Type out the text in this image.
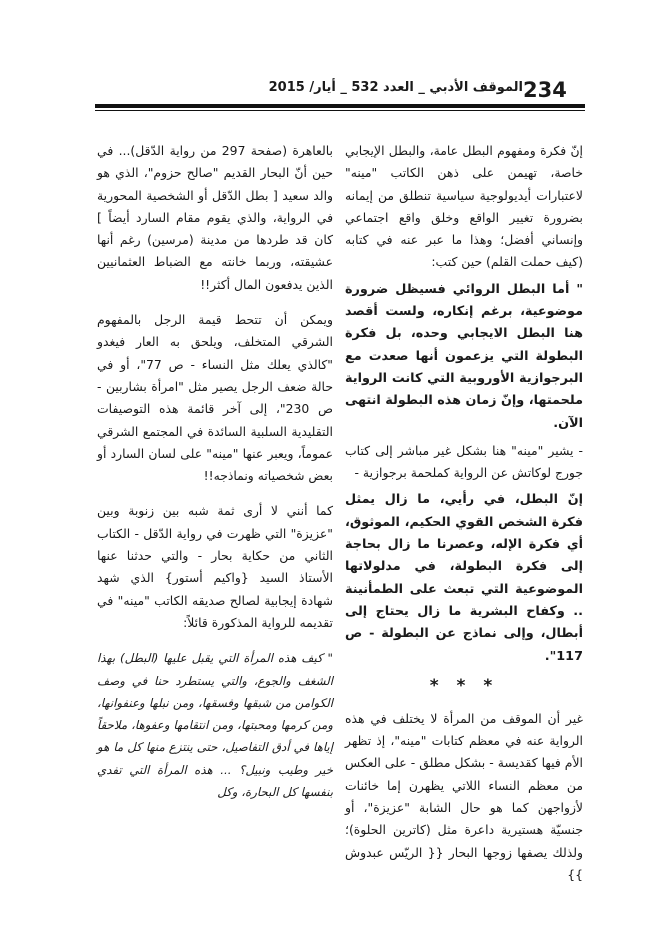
234
الموقف الأدبي _ العدد 532 _ أيار/ 2015

إنّ فكرة ومفهوم البطل عامة، والبطل الإيجابي خاصة، تهيمن على ذهن الكاتب "مينه" لاعتبارات أيديولوجية سياسية تنطلق من إيمانه بضرورة تغيير الواقع وخلق واقع اجتماعي وإنساني أفضل؛ وهذا ما عبر عنه في كتابه (كيف حملت القلم) حين كتب:

" أما البطل الروائي فسيظل ضرورة موضوعية، برغم إنكاره، ولست أقصد هنا البطل الايجابي وحده، بل فكرة البطولة التي يزعمون أنها صعدت مع البرجوازية الأوروبية التي كانت الرواية ملحمتها، وإنّ زمان هذه البطولة انتهى الآن.

- يشير "مينه" هنا بشكل غير مباشر إلى كتاب جورج لوكاتش عن الرواية كملحمة برجوازية -

إنّ البطل، في رأيي، ما زال يمثل فكرة الشخص القوي الحكيم، الموثوق، أي فكرة الإله، وعصرنا ما زال بحاجة إلى فكرة البطولة، في مدلولاتها الموضوعية التي تبعث على الطمأنينة .. وكفاح البشرية ما زال يحتاج إلى أبطال، وإلى نماذج عن البطولة - ص 117".

* * *

غير أن الموقف من المرأة لا يختلف في هذه الرواية عنه في معظم كتابات "مينه"، إذ تظهر الأم فيها كقديسة - بشكل مطلق - على العكس من معظم النساء اللاتي يظهرن إما خائنات لأزواجهن كما هو حال الشابة "عزيزة"، أو جنسيّة هستيرية داعرة مثل (كاترين الحلوة)؛ ولذلك يصفها زوجها البحار {{ الريّس عبدوش }}

بالعاهرة (صفحة 297 من رواية الدّقل)... في حين أنّ البحار القديم "صالح حزوم"، الذي هو والد سعيد [ بطل الدّقل أو الشخصية المحورية في الرواية، والذي يقوم مقام السارد أيضاً ] كان قد طردها من مدينة (مرسين) رغم أنها عشيقته، وربما خانته مع الضباط العثمانيين الذين يدفعون المال أكثر!!

ويمكن أن تتحط قيمة الرجل بالمفهوم الشرقي المتخلف، ويلحق به العار فيغدو "كالذي يعلك مثل النساء - ص 77"، أو في حالة ضعف الرجل يصير مثل "امرأة بشاربين - ص 230"، إلى آخر قائمة هذه التوصيفات التقليدية السلبية السائدة في المجتمع الشرقي عموماً، ويعبر عنها "مينه" على لسان السارد أو بعض شخصياته ونماذجه!!

كما أنني لا أرى ثمة شبه بين زنوبة وبين "عزيزة" التي ظهرت في رواية الدّقل - الكتاب الثاني من حكاية بحار - والتي حدثنا عنها الأستاذ السيد {واكيم أستور} الذي شهد شهادة إيجابية لصالح صديقه الكاتب "مينه" في تقديمه للرواية المذكورة قائلاً:

" كيف هذه المرأة التي يقبل عليها (البطل) بهذا الشغف والجوع، والتي يستطرد حنا في وصف الكوامن من شبقها وفسقها، ومن نبلها وعنفوانها، ومن كرمها ومحبتها، ومن انتقامها وعفوها، ملاحقاً إياها في أدق التفاصيل، حتى ينتزع منها كل ما هو خير وطيب ونبيل؟ ... هذه المرأة التي تفدي بنفسها كل البحارة، وكل
